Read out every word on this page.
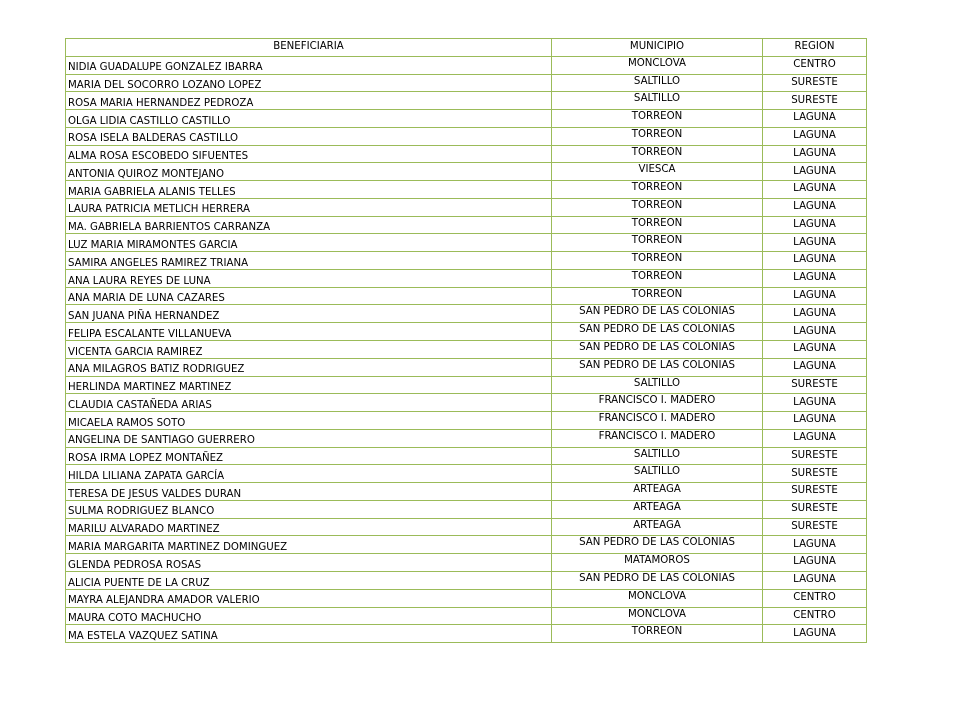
BENEFICIARIA	MUNICIPIO	REGION
NIDIA GUADALUPE GONZALEZ IBARRA	MONCLOVA	CENTRO
MARIA DEL SOCORRO LOZANO LOPEZ	SALTILLO	SURESTE
ROSA MARIA HERNANDEZ PEDROZA	SALTILLO	SURESTE
OLGA LIDIA CASTILLO CASTILLO	TORREON	LAGUNA
ROSA ISELA BALDERAS CASTILLO	TORREON	LAGUNA
ALMA ROSA ESCOBEDO SIFUENTES	TORREON	LAGUNA
ANTONIA QUIROZ MONTEJANO	VIESCA	LAGUNA
MARIA GABRIELA ALANIS TELLES	TORREON	LAGUNA
LAURA PATRICIA METLICH HERRERA	TORREON	LAGUNA
MA. GABRIELA BARRIENTOS CARRANZA	TORREON	LAGUNA
LUZ MARIA MIRAMONTES GARCIA	TORREON	LAGUNA
SAMIRA ANGELES RAMIREZ TRIANA	TORREON	LAGUNA
ANA LAURA REYES DE LUNA	TORREON	LAGUNA
ANA MARIA DE LUNA CAZARES	TORREON	LAGUNA
SAN JUANA PIÑA HERNANDEZ	SAN PEDRO DE LAS COLONIAS	LAGUNA
FELIPA ESCALANTE VILLANUEVA	SAN PEDRO DE LAS COLONIAS	LAGUNA
VICENTA GARCIA RAMIREZ	SAN PEDRO DE LAS COLONIAS	LAGUNA
ANA MILAGROS BATIZ RODRIGUEZ	SAN PEDRO DE LAS COLONIAS	LAGUNA
HERLINDA MARTINEZ MARTINEZ	SALTILLO	SURESTE
CLAUDIA CASTAÑEDA ARIAS	FRANCISCO I. MADERO	LAGUNA
MICAELA RAMOS SOTO	FRANCISCO I. MADERO	LAGUNA
ANGELINA DE SANTIAGO GUERRERO	FRANCISCO I. MADERO	LAGUNA
ROSA IRMA LOPEZ MONTAÑEZ	SALTILLO	SURESTE
HILDA LILIANA ZAPATA GARCÍA	SALTILLO	SURESTE
TERESA DE JESUS VALDES DURAN	ARTEAGA	SURESTE
SULMA RODRIGUEZ BLANCO	ARTEAGA	SURESTE
MARILU ALVARADO MARTINEZ	ARTEAGA	SURESTE
MARIA MARGARITA MARTINEZ DOMINGUEZ	SAN PEDRO DE LAS COLONIAS	LAGUNA
GLENDA PEDROSA ROSAS	MATAMOROS	LAGUNA
ALICIA PUENTE DE LA CRUZ	SAN PEDRO DE LAS COLONIAS	LAGUNA
MAYRA ALEJANDRA AMADOR VALERIO	MONCLOVA	CENTRO
MAURA COTO MACHUCHO	MONCLOVA	CENTRO
MA ESTELA VAZQUEZ SATINA	TORREON	LAGUNA
